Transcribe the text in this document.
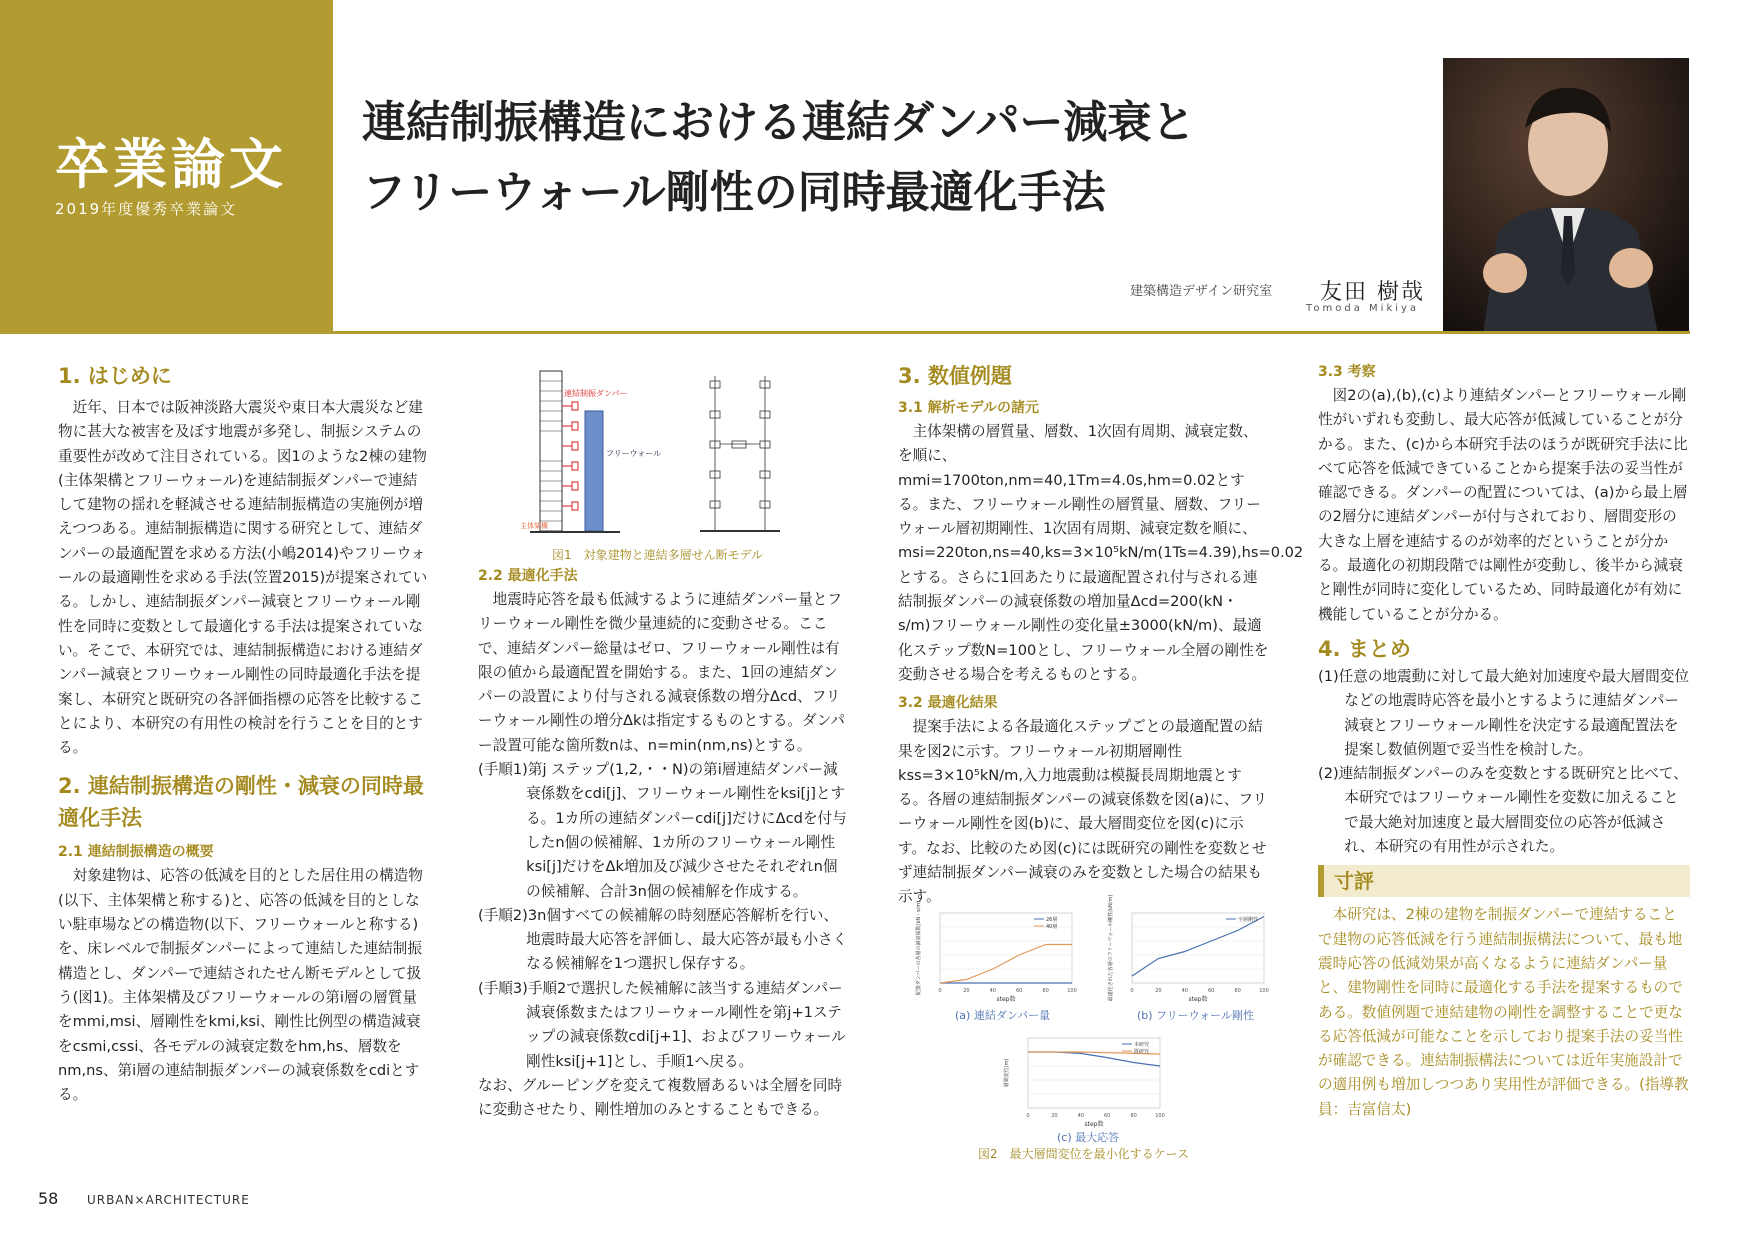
卒業論文
2019年度優秀卒業論文
連結制振構造における連結ダンパー減衰と
フリーウォール剛性の同時最適化手法
建築構造デザイン研究室 友田 樹哉
Tomoda Mikiya
1. はじめに

近年、日本では阪神淡路大震災や東日本大震災など建物に甚大な被害を及ぼす地震が多発し、制振システムの重要性が改めて注目されている。図1のような2棟の建物(主体架構とフリーウォール)を連結制振ダンパーで連結して建物の揺れを軽減させる連結制振構造の実施例が増えつつある。連結制振構造に関する研究として、連結ダンパーの最適配置を求める方法(小嶋2014)やフリーウォールの最適剛性を求める手法(笠置2015)が提案されている。しかし、連結制振ダンパー減衰とフリーウォール剛性を同時に変数として最適化する手法は提案されていない。そこで、本研究では、連結制振構造における連結ダンパー減衰とフリーウォール剛性の同時最適化手法を提案し、本研究と既研究の各評価指標の応答を比較することにより、本研究の有用性の検討を行うことを目的とする。

2. 連結制振構造の剛性・減衰の同時最適化手法
2.1 連結制振構造の概要

対象建物は、応答の低減を目的とした居住用の構造物(以下、主体架構と称する)と、応答の低減を目的としない駐車場などの構造物(以下、フリーウォールと称する)を、床レベルで制振ダンパーによって連結した連結制振構造とし、ダンパーで連結されたせん断モデルとして扱う(図1)。主体架構及びフリーウォールの第i層の層質量をmmi,msi、層剛性をkmi,ksi、剛性比例型の構造減衰をcsmi,cssi、各モデルの減衰定数をhm,hs、層数をnm,ns、第i層の連結制振ダンパーの減衰係数をcdiとする。

連結制振ダンパー
フリーウォール
主体架構
図1　対象建物と連結多層せん断モデル
2.2 最適化手法

地震時応答を最も低減するように連結ダンパー量とフリーウォール剛性を微少量連続的に変動させる。ここで、連結ダンパー総量はゼロ、フリーウォール剛性は有限の値から最適配置を開始する。また、1回の連結ダンパーの設置により付与される減衰係数の増分Δcd、フリーウォール剛性の増分Δkは指定するものとする。ダンパー設置可能な箇所数nは、n=min(nm,ns)とする。

(手順1)第j ステップ(1,2,・・N)の第i層連結ダンパー減衰係数をcdi[j]、フリーウォール剛性をksi[j]とする。1カ所の連結ダンパーcdi[j]だけにΔcdを付与したn個の候補解、1カ所のフリーウォール剛性ksi[j]だけをΔk増加及び減少させたそれぞれn個の候補解、合計3n個の候補解を作成する。

(手順2)3n個すべての候補解の時刻歴応答解析を行い、地震時最大応答を評価し、最大応答が最も小さくなる候補解を1つ選択し保存する。

(手順3)手順2で選択した候補解に該当する連結ダンパー減衰係数またはフリーウォール剛性を第j+1ステップの減衰係数cdi[j+1]、およびフリーウォール剛性ksi[j+1]とし、手順1へ戻る。

なお、グルーピングを変えて複数層あるいは全層を同時に変動させたり、剛性増加のみとすることもできる。

3. 数値例題
3.1 解析モデルの諸元

主体架構の層質量、層数、1次固有周期、減衰定数、を順に、mmi=1700ton,nm=40,1Tm=4.0s,hm=0.02とする。また、フリーウォール剛性の層質量、層数、フリーウォール層初期剛性、1次固有周期、減衰定数を順に、msi=220ton,ns=40,ks=3×10⁵kN/m(1Ts=4.39),hs=0.02とする。さらに1回あたりに最適配置され付与される連結制振ダンパーの減衰係数の増加量Δcd=200(kN・s/m)フリーウォール剛性の変化量±3000(kN/m)、最適化ステップ数N=100とし、フリーウォール全層の剛性を変動させる場合を考えるものとする。

3.2 最適化結果

提案手法による各最適化ステップごとの最適配置の結果を図2に示す。フリーウォール初期層剛性kss=3×10⁵kN/m,入力地震動は模擬長周期地震とする。各層の連結制振ダンパーの減衰係数を図(a)に、フリーウォール剛性を図(b)に、最大層間変位を図(c)に示す。なお、比較のため図(c)には既研究の剛性を変数とせず連結制振ダンパー減衰のみを変数とした場合の結果も示す。

0	20	40	60	80	100
step数
配置ダンパーの各層の減衰係数(kN・s/m)	26層
40層
(a) 連結ダンパー量
0	20	40	60	80	100
step数
最適化された各層のフリーウォール剛性(kN/m)	全層剛性
(b) フリーウォール剛性
0	20	40	60	80	100
step数
層間変位(m)
本研究
既研究
(c) 最大応答
図2　最大層間変位を最小化するケース
3.3 考察

図2の(a),(b),(c)より連結ダンパーとフリーウォール剛性がいずれも変動し、最大応答が低減していることが分かる。また、(c)から本研究手法のほうが既研究手法に比べて応答を低減できていることから提案手法の妥当性が確認できる。ダンパーの配置については、(a)から最上層の2層分に連結ダンパーが付与されており、層間変形の大きな上層を連結するのが効率的だということが分かる。最適化の初期段階では剛性が変動し、後半から減衰と剛性が同時に変化しているため、同時最適化が有効に機能していることが分かる。

4. まとめ

(1)任意の地震動に対して最大絶対加速度や最大層間変位などの地震時応答を最小とするように連結ダンパー減衰とフリーウォール剛性を決定する最適配置法を提案し数値例題で妥当性を検討した。

(2)連結制振ダンパーのみを変数とする既研究と比べて、本研究ではフリーウォール剛性を変数に加えることで最大絶対加速度と最大層間変位の応答が低減され、本研究の有用性が示された。

寸評

本研究は、2棟の建物を制振ダンパーで連結することで建物の応答低減を行う連結制振構法について、最も地震時応答の低減効果が高くなるように連結ダンパー量と、建物剛性を同時に最適化する手法を提案するものである。数値例題で連結建物の剛性を調整することで更なる応答低減が可能なことを示しており提案手法の妥当性が確認できる。連結制振構法については近年実施設計での適用例も増加しつつあり実用性が評価できる。(指導教員：吉富信太)

58 URBAN×ARCHITECTURE
